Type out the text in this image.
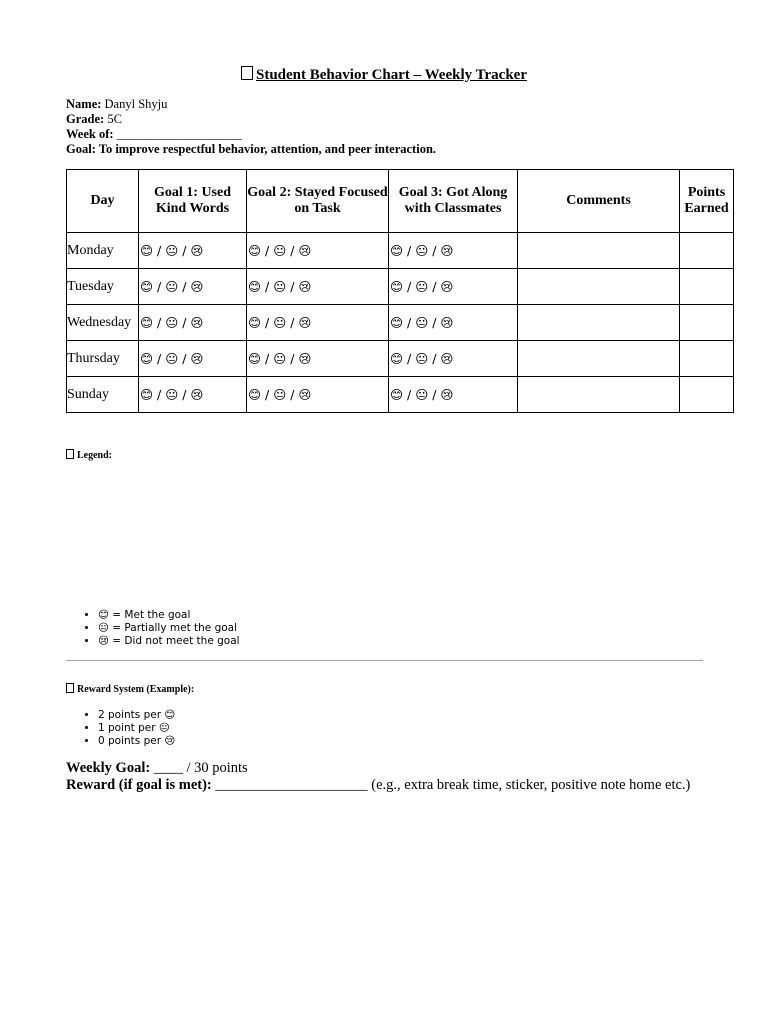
Student Behavior Chart – Weekly Tracker
Name: Danyl Shyju
Grade: 5C
Week of: ____________________
Goal: To improve respectful behavior, attention, and peer interaction.
Day	Goal 1: Used Kind Words	Goal 2: Stayed Focused on Task	Goal 3: Got Along with Classmates	Comments	Points Earned
Monday	😊 / 😐 / 😢	😊 / 😐 / 😢	😊 / 😐 / 😢		
Tuesday	😊 / 😐 / 😢	😊 / 😐 / 😢	😊 / 😐 / 😢		
Wednesday	😊 / 😐 / 😢	😊 / 😐 / 😢	😊 / 😐 / 😢		
Thursday	😊 / 😐 / 😢	😊 / 😐 / 😢	😊 / 😐 / 😢		
Sunday	😊 / 😐 / 😢	😊 / 😐 / 😢	😊 / 😐 / 😢		
Legend:
• 😊 = Met the goal
• 😐 = Partially met the goal
• 😢 = Did not meet the goal
Reward System (Example):
• 2 points per 😊
• 1 point per 😐
• 0 points per 😢
Weekly Goal: ____ / 30 points
Reward (if goal is met): _____________________ (e.g., extra break time, sticker, positive note home etc.)
